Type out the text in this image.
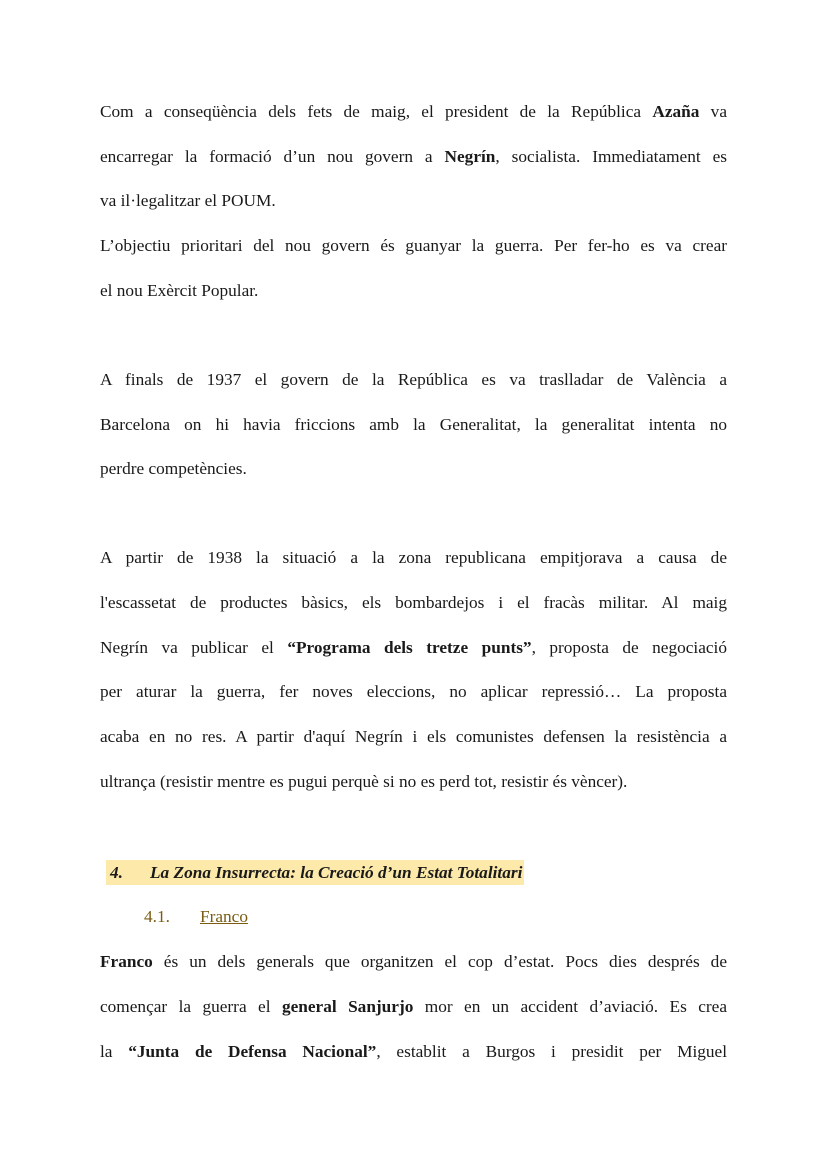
Com a conseqüència dels fets de maig, el president de la República Azaña va
encarregar la formació d’un nou govern a Negrín, socialista. Immediatament es
va il·legalitzar el POUM.
L’objectiu prioritari del nou govern és guanyar la guerra. Per fer-ho es va crear
el nou Exèrcit Popular.
A finals de 1937 el govern de la República es va traslladar de València a
Barcelona on hi havia friccions amb la Generalitat, la generalitat intenta no
perdre competències.
A partir de 1938 la situació a la zona republicana empitjorava a causa de
l'escassetat de productes bàsics, els bombardejos i el fracàs militar. Al maig
Negrín va publicar el “Programa dels tretze punts”, proposta de negociació
per aturar la guerra, fer noves eleccions, no aplicar repressió… La proposta
acaba en no res. A partir d'aquí Negrín i els comunistes defensen la resistència a
ultrança (resistir mentre es pugui perquè si no es perd tot, resistir és vèncer).
4. La Zona Insurrecta: la Creació d’un Estat Totalitari
4.1. Franco
Franco és un dels generals que organitzen el cop d’estat. Pocs dies després de
començar la guerra el general Sanjurjo mor en un accident d’aviació. Es crea
la “Junta de Defensa Nacional”, establit a Burgos i presidit per Miguel
